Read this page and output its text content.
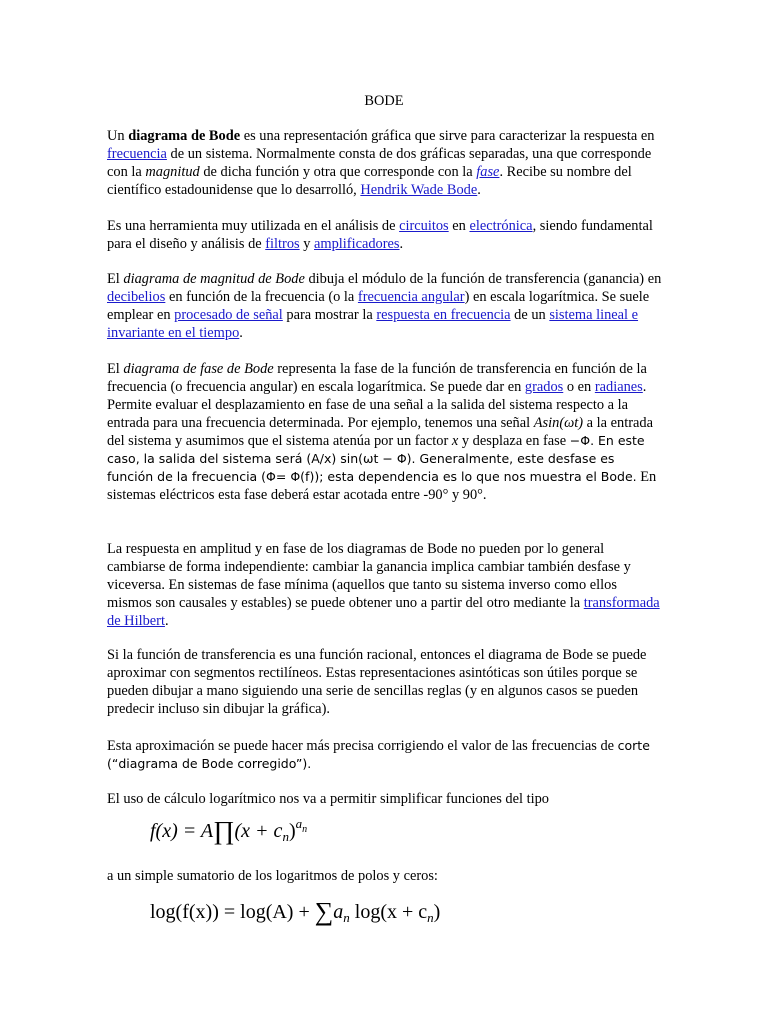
BODE
Un diagrama de Bode es una representación gráfica que sirve para caracterizar la respuesta en frecuencia de un sistema. Normalmente consta de dos gráficas separadas, una que corresponde con la magnitud de dicha función y otra que corresponde con la fase. Recibe su nombre del científico estadounidense que lo desarrolló, Hendrik Wade Bode.
Es una herramienta muy utilizada en el análisis de circuitos en electrónica, siendo fundamental para el diseño y análisis de filtros y amplificadores.
El diagrama de magnitud de Bode dibuja el módulo de la función de transferencia (ganancia) en decibelios en función de la frecuencia (o la frecuencia angular) en escala logarítmica. Se suele emplear en procesado de señal para mostrar la respuesta en frecuencia de un sistema lineal e invariante en el tiempo.
El diagrama de fase de Bode representa la fase de la función de transferencia en función de la frecuencia (o frecuencia angular) en escala logarítmica. Se puede dar en grados o en radianes. Permite evaluar el desplazamiento en fase de una señal a la salida del sistema respecto a la entrada para una frecuencia determinada. Por ejemplo, tenemos una señal Asin(ωt) a la entrada del sistema y asumimos que el sistema atenúa por un factor x y desplaza en fase −Φ. En este caso, la salida del sistema será (A/x) sin(ωt − Φ). Generalmente, este desfase es función de la frecuencia (Φ= Φ(f)); esta dependencia es lo que nos muestra el Bode. En sistemas eléctricos esta fase deberá estar acotada entre -90° y 90°.
La respuesta en amplitud y en fase de los diagramas de Bode no pueden por lo general cambiarse de forma independiente: cambiar la ganancia implica cambiar también desfase y viceversa. En sistemas de fase mínima (aquellos que tanto su sistema inverso como ellos mismos son causales y estables) se puede obtener uno a partir del otro mediante la transformada de Hilbert.
Si la función de transferencia es una función racional, entonces el diagrama de Bode se puede aproximar con segmentos rectilíneos. Estas representaciones asintóticas son útiles porque se pueden dibujar a mano siguiendo una serie de sencillas reglas (y en algunos casos se pueden predecir incluso sin dibujar la gráfica).
Esta aproximación se puede hacer más precisa corrigiendo el valor de las frecuencias de corte (“diagrama de Bode corregido”).
El uso de cálculo logarítmico nos va a permitir simplificar funciones del tipo
f(x) = A∏(x + $c_n)^{an}$
a un simple sumatorio de los logaritmos de polos y ceros:
$\log(f(x)) = \log(A) + \sum a_n$ $\log(x + c_n)$
